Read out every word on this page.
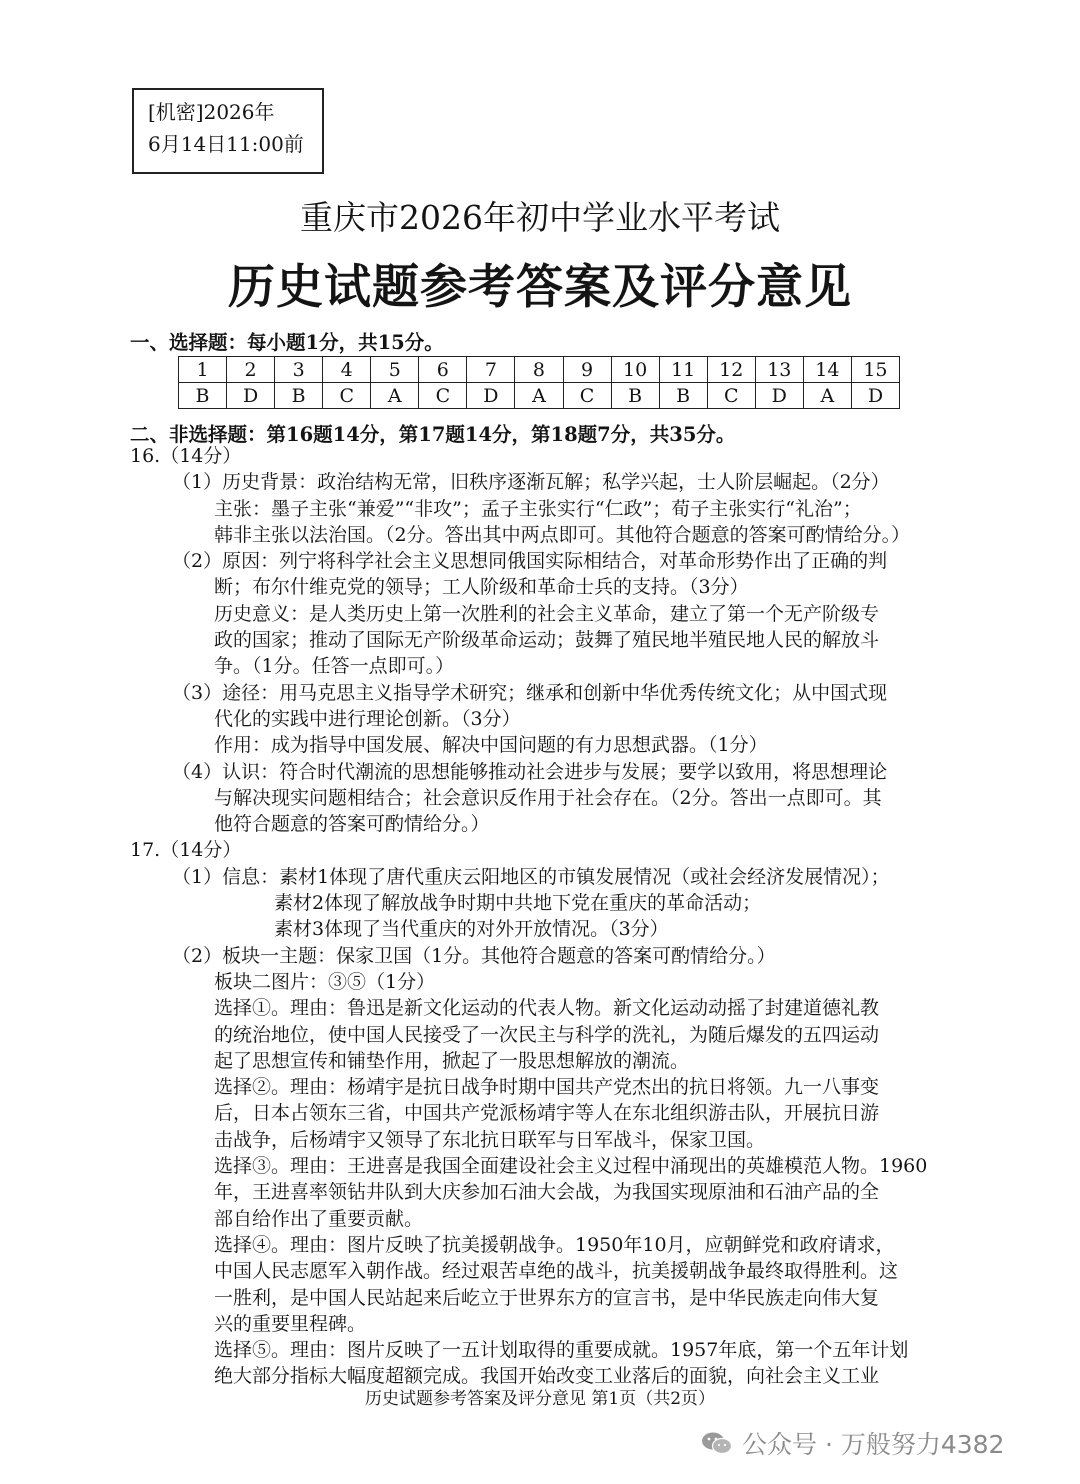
[机密]2026年
6月14日11:00前
重庆市2026年初中学业水平考试
历史试题参考答案及评分意见
一、选择题：每小题1分，共15分。
1	2	3	4	5	6	7	8	9	10	11	12	13	14	15
B	D	B	C	A	C	D	A	C	B	B	C	D	A	D
二、非选择题：第16题14分，第17题14分，第18题7分，共35分。
16.（14分）
（1）历史背景：政治结构无常，旧秩序逐渐瓦解；私学兴起，士人阶层崛起。（2分）
主张：墨子主张“兼爱”“非攻”；孟子主张实行“仁政”；荀子主张实行“礼治”；
韩非主张以法治国。（2分。答出其中两点即可。其他符合题意的答案可酌情给分。）
（2）原因：列宁将科学社会主义思想同俄国实际相结合，对革命形势作出了正确的判
断；布尔什维克党的领导；工人阶级和革命士兵的支持。（3分）
历史意义：是人类历史上第一次胜利的社会主义革命，建立了第一个无产阶级专
政的国家；推动了国际无产阶级革命运动；鼓舞了殖民地半殖民地人民的解放斗
争。（1分。任答一点即可。）
（3）途径：用马克思主义指导学术研究；继承和创新中华优秀传统文化；从中国式现
代化的实践中进行理论创新。（3分）
作用：成为指导中国发展、解决中国问题的有力思想武器。（1分）
（4）认识：符合时代潮流的思想能够推动社会进步与发展；要学以致用，将思想理论
与解决现实问题相结合；社会意识反作用于社会存在。（2分。答出一点即可。其
他符合题意的答案可酌情给分。）
17.（14分）
（1）信息：素材1体现了唐代重庆云阳地区的市镇发展情况（或社会经济发展情况）；
素材2体现了解放战争时期中共地下党在重庆的革命活动；
素材3体现了当代重庆的对外开放情况。（3分）
（2）板块一主题：保家卫国（1分。其他符合题意的答案可酌情给分。）
板块二图片：③⑤（1分）
选择①。理由：鲁迅是新文化运动的代表人物。新文化运动动摇了封建道德礼教
的统治地位，使中国人民接受了一次民主与科学的洗礼，为随后爆发的五四运动
起了思想宣传和铺垫作用，掀起了一股思想解放的潮流。
选择②。理由：杨靖宇是抗日战争时期中国共产党杰出的抗日将领。九一八事变
后，日本占领东三省，中国共产党派杨靖宇等人在东北组织游击队，开展抗日游
击战争，后杨靖宇又领导了东北抗日联军与日军战斗，保家卫国。
选择③。理由：王进喜是我国全面建设社会主义过程中涌现出的英雄模范人物。1960
年，王进喜率领钻井队到大庆参加石油大会战，为我国实现原油和石油产品的全
部自给作出了重要贡献。
选择④。理由：图片反映了抗美援朝战争。1950年10月，应朝鲜党和政府请求，
中国人民志愿军入朝作战。经过艰苦卓绝的战斗，抗美援朝战争最终取得胜利。这
一胜利，是中国人民站起来后屹立于世界东方的宣言书，是中华民族走向伟大复
兴的重要里程碑。
选择⑤。理由：图片反映了一五计划取得的重要成就。1957年底，第一个五年计划
绝大部分指标大幅度超额完成。我国开始改变工业落后的面貌，向社会主义工业
历史试题参考答案及评分意见 第1页（共2页）
公众号 · 万般努力4382
